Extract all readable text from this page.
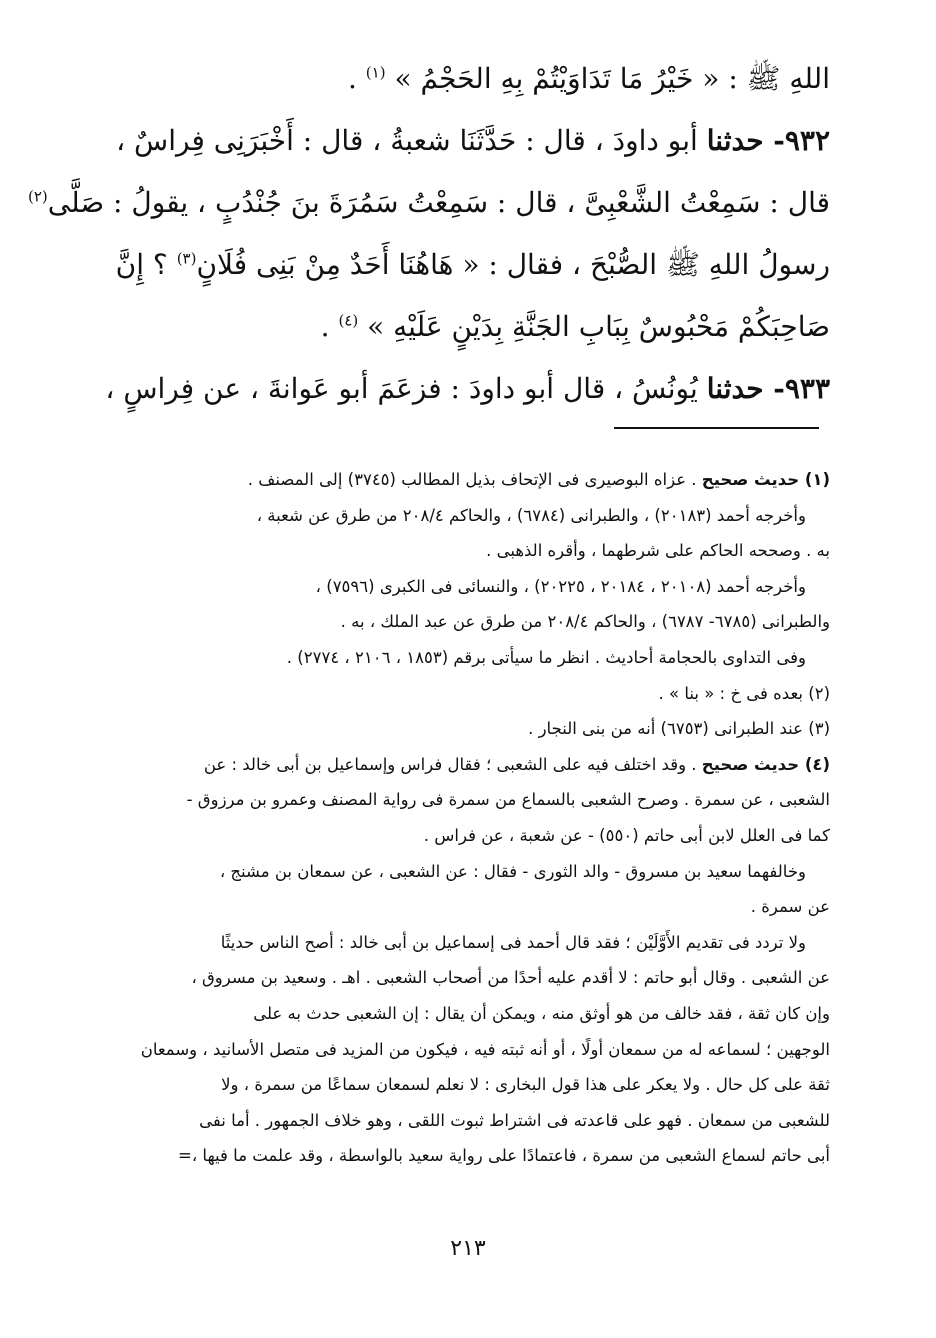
اللهِ ﷺ : « خَيْرُ مَا تَدَاوَيْتُمْ بِهِ الحَجْمُ » $^{(١)}$ .
٩٣٢- حدثنا أبو داودَ ، قال : حَدَّثَنَا شعبةُ ، قال : أَخْبَرَنِى فِراسٌ ،
قال : سَمِعْتُ الشَّعْبِىَّ ، قال : سَمِعْتُ سَمُرَةَ بنَ جُنْدُبٍ ، يقولُ : صَلَّى$^{(٢)}$
رسولُ اللهِ ﷺ الصُّبْحَ ، فقال : « هَاهُنَا أَحَدٌ مِنْ بَنِى فُلَانٍ$^{(٣)}$ ؟ إِنَّ
صَاحِبَكُمْ مَحْبُوسٌ بِبَابِ الجَنَّةِ بِدَيْنٍ عَلَيْهِ » $^{(٤)}$ .
٩٣٣- حدثنا يُونُسُ ، قال أبو داودَ : فزعَمَ أبو عَوانةَ ، عن فِراسٍ ،
(١) حديث صحيح . عزاه البوصيرى فى الإتحاف بذيل المطالب (٣٧٤٥) إلى المصنف .
وأخرجه أحمد (٢٠١٨٣) ، والطبرانى (٦٧٨٤) ، والحاكم ٢٠٨/٤ من طرق عن شعبة ،
به . وصححه الحاكم على شرطهما ، وأقره الذهبى .
وأخرجه أحمد (٢٠١٠٨ ، ٢٠١٨٤ ، ٢٠٢٢٥) ، والنسائى فى الكبرى (٧٥٩٦) ،
والطبرانى (٦٧٨٥- ٦٧٨٧) ، والحاكم ٢٠٨/٤ من طرق عن عبد الملك ، به .
وفى التداوى بالحجامة أحاديث . انظر ما سيأتى برقم (١٨٥٣ ، ٢١٠٦ ، ٢٧٧٤) .
(٢) بعده فى خ : « بنا » .
(٣) عند الطبرانى (٦٧٥٣) أنه من بنى النجار .
(٤) حديث صحيح . وقد اختلف فيه على الشعبى ؛ فقال فراس وإسماعيل بن أبى خالد : عن
الشعبى ، عن سمرة . وصرح الشعبى بالسماع من سمرة فى رواية المصنف وعمرو بن مرزوق -
كما فى العلل لابن أبى حاتم (٥٥٠) - عن شعبة ، عن فراس .
وخالفهما سعيد بن مسروق - والد الثورى - فقال : عن الشعبى ، عن سمعان بن مشنج ،
عن سمرة .
ولا تردد فى تقديم الأَوَّلَيْن ؛ فقد قال أحمد فى إسماعيل بن أبى خالد : أصح الناس حديثًا
عن الشعبى . وقال أبو حاتم : لا أقدم عليه أحدًا من أصحاب الشعبى . اهـ . وسعيد بن مسروق ،
وإن كان ثقة ، فقد خالف من هو أوثق منه ، ويمكن أن يقال : إن الشعبى حدث به على
الوجهين ؛ لسماعه له من سمعان أولًا ، أو أنه ثبته فيه ، فيكون من المزيد فى متصل الأسانيد ، وسمعان
ثقة على كل حال . ولا يعكر على هذا قول البخارى : لا نعلم لسمعان سماعًا من سمرة ، ولا
للشعبى من سمعان . فهو على قاعدته فى اشتراط ثبوت اللقى ، وهو خلاف الجمهور . أما نفى
أبى حاتم لسماع الشعبى من سمرة ، فاعتمادًا على رواية سعيد بالواسطة ، وقد علمت ما فيها ،=
٢١٣
